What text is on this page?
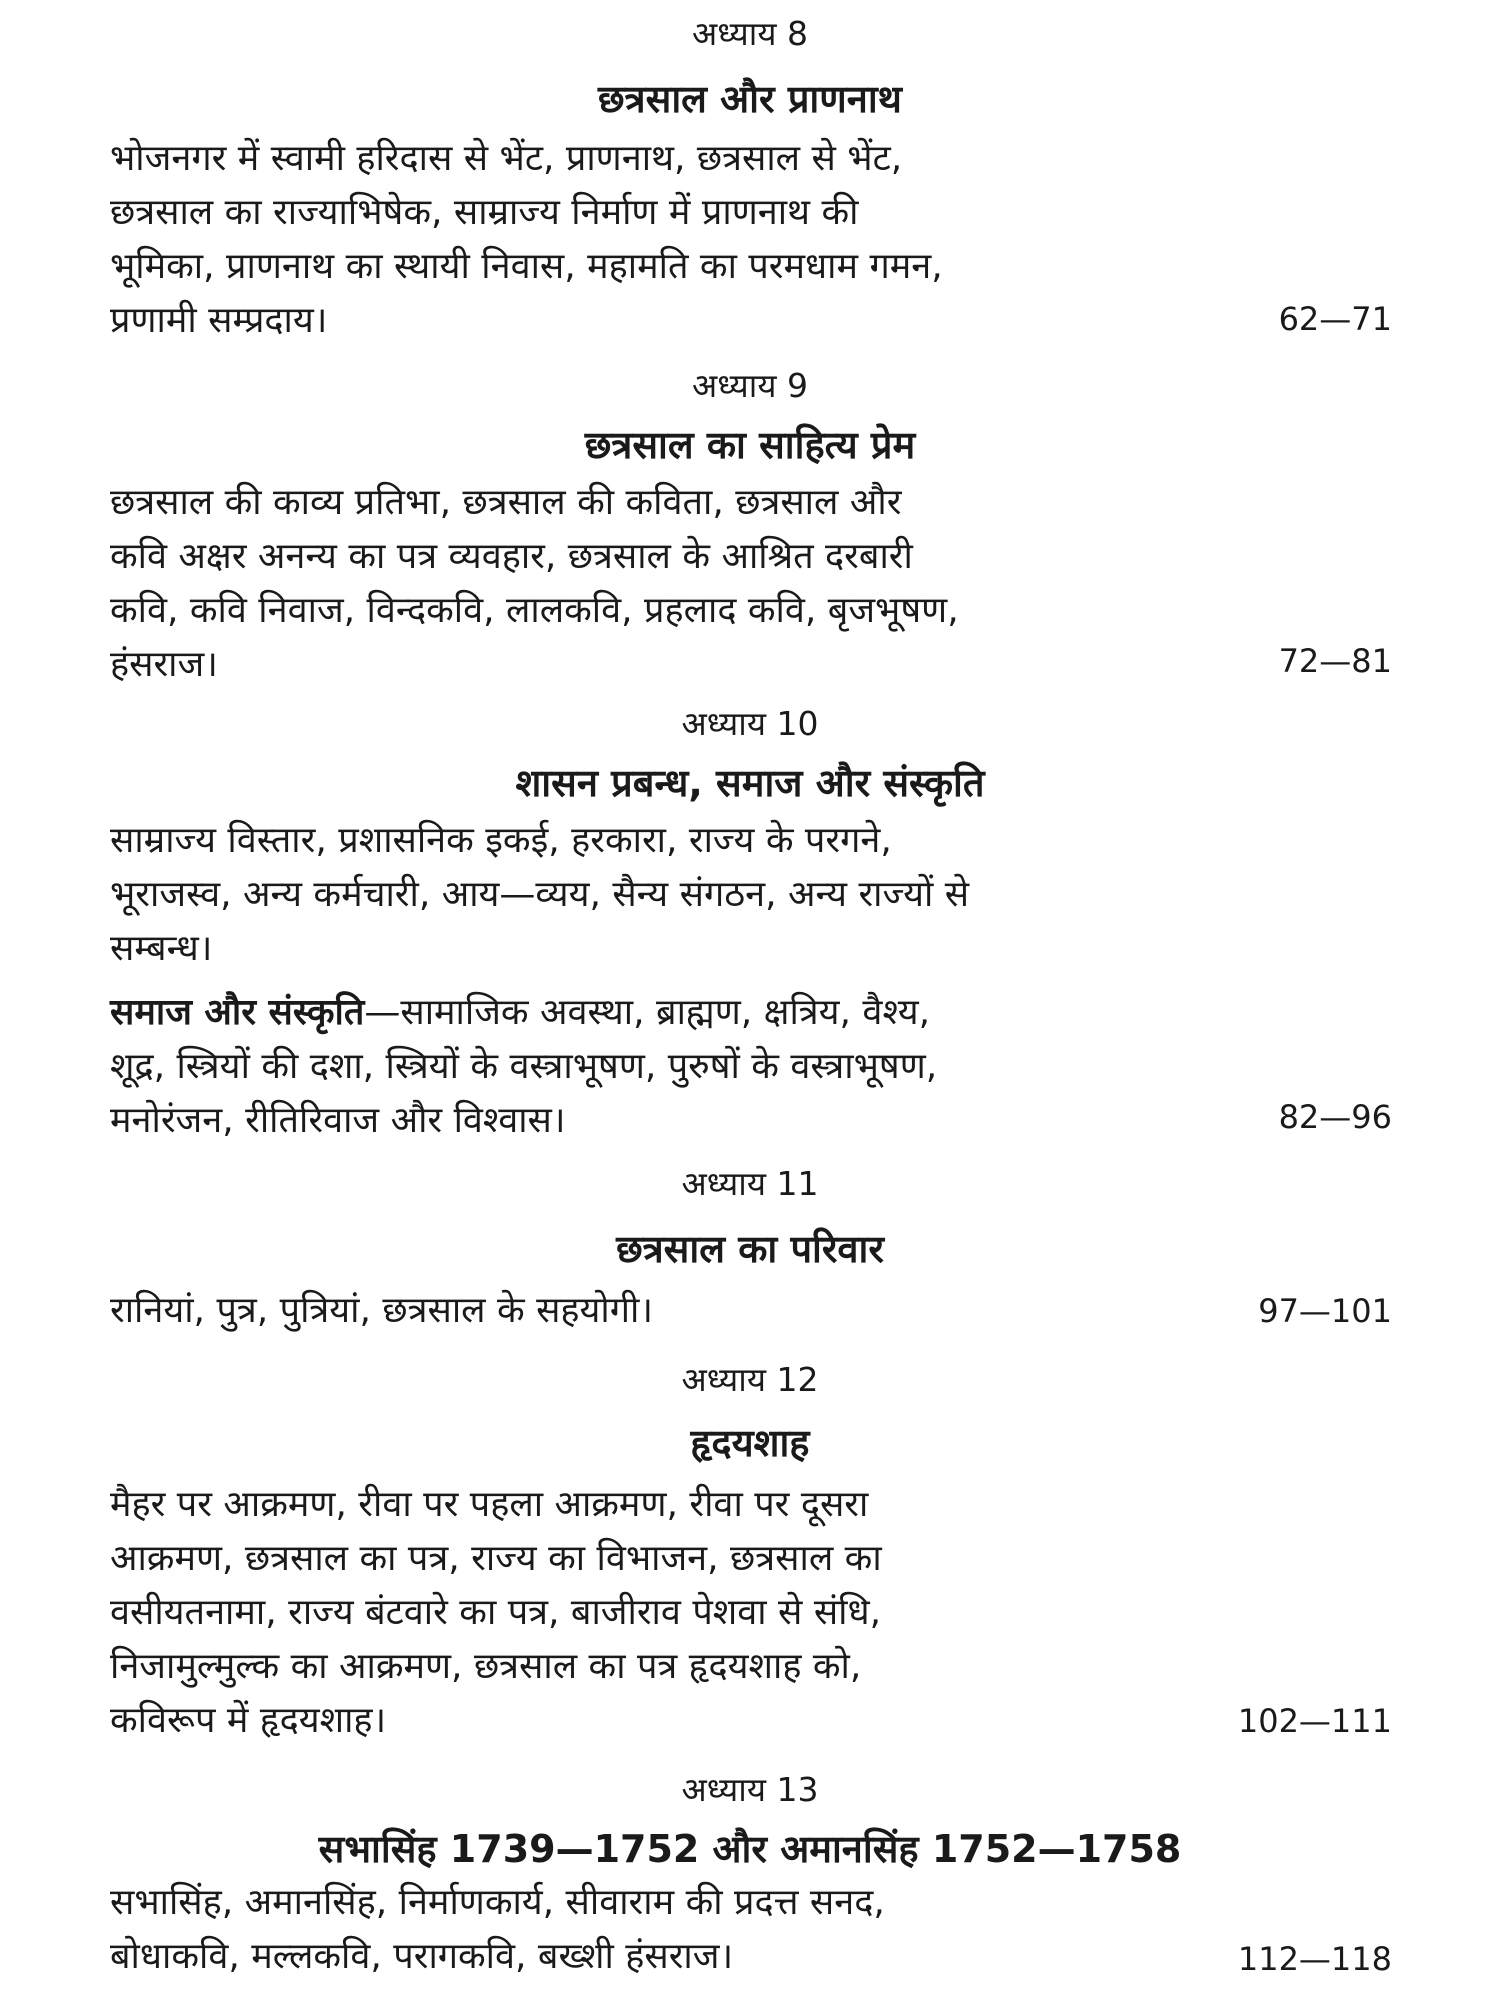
अध्याय 8
छत्रसाल और प्राणनाथ
भोजनगर में स्वामी हरिदास से भेंट, प्राणनाथ, छत्रसाल से भेंट,
छत्रसाल का राज्याभिषेक, साम्राज्य निर्माण में प्राणनाथ की
भूमिका, प्राणनाथ का स्थायी निवास, महामति का परमधाम गमन,
प्रणामी सम्प्रदाय।	62—71
अध्याय 9
छत्रसाल का साहित्य प्रेम
छत्रसाल की काव्य प्रतिभा, छत्रसाल की कविता, छत्रसाल और
कवि अक्षर अनन्य का पत्र व्यवहार, छत्रसाल के आश्रित दरबारी
कवि, कवि निवाज, विन्दकवि, लालकवि, प्रहलाद कवि, बृजभूषण,
हंसराज।	72—81
अध्याय 10
शासन प्रबन्ध, समाज और संस्कृति
साम्राज्य विस्तार, प्रशासनिक इकई, हरकारा, राज्य के परगने,
भूराजस्व, अन्य कर्मचारी, आय—व्यय, सैन्य संगठन, अन्य राज्यों से
सम्बन्ध।
समाज और संस्कृति—सामाजिक अवस्था, ब्राह्मण, क्षत्रिय, वैश्य,
शूद्र, स्त्रियों की दशा, स्त्रियों के वस्त्राभूषण, पुरुषों के वस्त्राभूषण,
मनोरंजन, रीतिरिवाज और विश्वास।	82—96
अध्याय 11
छत्रसाल का परिवार
रानियां, पुत्र, पुत्रियां, छत्रसाल के सहयोगी।	97—101
अध्याय 12
हृदयशाह
मैहर पर आक्रमण, रीवा पर पहला आक्रमण, रीवा पर दूसरा
आक्रमण, छत्रसाल का पत्र, राज्य का विभाजन, छत्रसाल का
वसीयतनामा, राज्य बंटवारे का पत्र, बाजीराव पेशवा से संधि,
निजामुल्मुल्क का आक्रमण, छत्रसाल का पत्र हृदयशाह को,
कविरूप में हृदयशाह।	102—111
अध्याय 13
सभासिंह 1739—1752 और अमानसिंह 1752—1758
सभासिंह, अमानसिंह, निर्माणकार्य, सीवाराम की प्रदत्त सनद,
बोधाकवि, मल्लकवि, परागकवि, बख्शी हंसराज।	112—118
